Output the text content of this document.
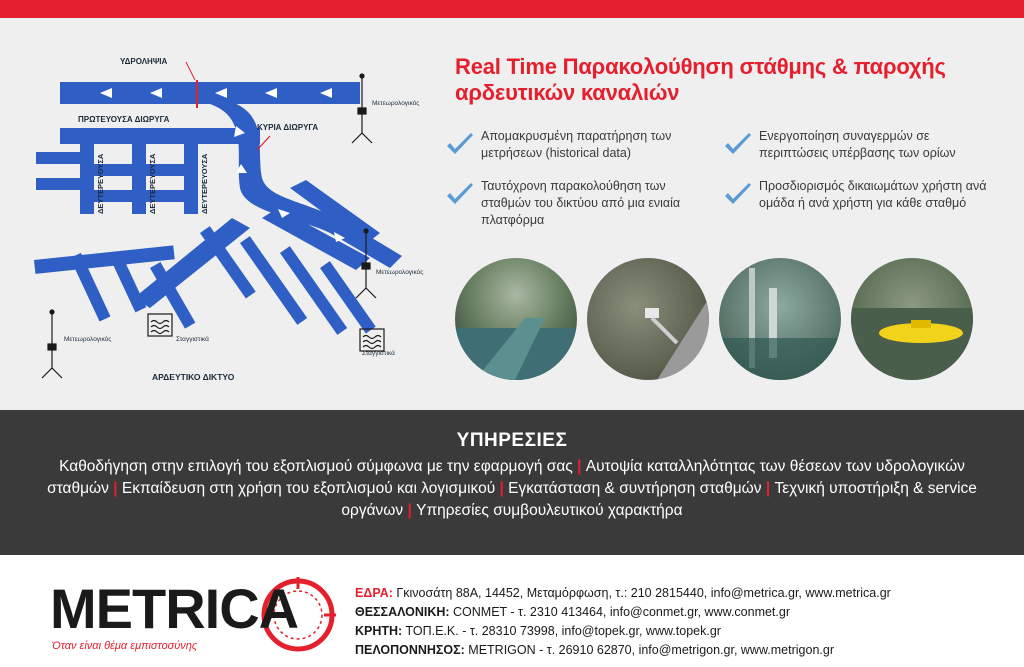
ΔΕΥΤΕΡΕΥΟΥΣΑ	ΔΕΥΤΕΡΕΥΟΥΣΑ	ΔΕΥΤΕΡΕΥΟΥΣΑ
ΥΔΡΟΛΗΨΙΑ
ΠΡΩΤΕΥΟΥΣΑ ΔΙΩΡΥΓΑ
ΚΥΡΙΑ ΔΙΩΡΥΓΑ
ΑΡΔΕΥΤΙΚΟ ΔΙΚΤΥΟ
Μετεωρολογικός
Μετεωρολογικός
Μετεωρολογικός	Σταγγιστικά
Σταγγιστικά
Real Time Παρακολούθηση στάθμης & παροχής
αρδευτικών καναλιών
Απομακρυσμένη παρατήρηση των μετρήσεων (historical data)
Ενεργοποίηση συναγερμών σε περιπτώσεις υπέρβασης των ορίων
Ταυτόχρονη παρακολούθηση των σταθμών του δικτύου από μια ενιαία πλατφόρμα
Προσδιορισμός δικαιωμάτων χρήστη ανά ομάδα ή ανά χρήστη για κάθε σταθμό
ΥΠΗΡΕΣΙΕΣ
Καθοδήγηση στην επιλογή του εξοπλισμού σύμφωνα με την εφαρμογή σας | Αυτοψία καταλληλότητας των θέσεων των υδρολογικών σταθμών | Εκπαίδευση στη χρήση του εξοπλισμού και λογισμικού | Εγκατάσταση & συντήρηση σταθμών | Τεχνική υποστήριξη & service οργάνων | Υπηρεσίες συμβουλευτικού χαρακτήρα
METRICA
Όταν είναι θέμα εμπιστοσύνης
ΕΔΡΑ: Γκινοσάτη 88Α, 14452, Μεταμόρφωση, τ.: 210 2815440, info@metrica.gr, www.metrica.gr
ΘΕΣΣΑΛΟΝΙΚΗ: CONMET - τ. 2310 413464, info@conmet.gr, www.conmet.gr
ΚΡΗΤΗ: ΤΟΠ.Ε.Κ. - τ. 28310 73998, info@topek.gr, www.topek.gr
ΠΕΛΟΠΟΝΝΗΣΟΣ: METRIGON - τ. 26910 62870, info@metrigon.gr, www.metrigon.gr
